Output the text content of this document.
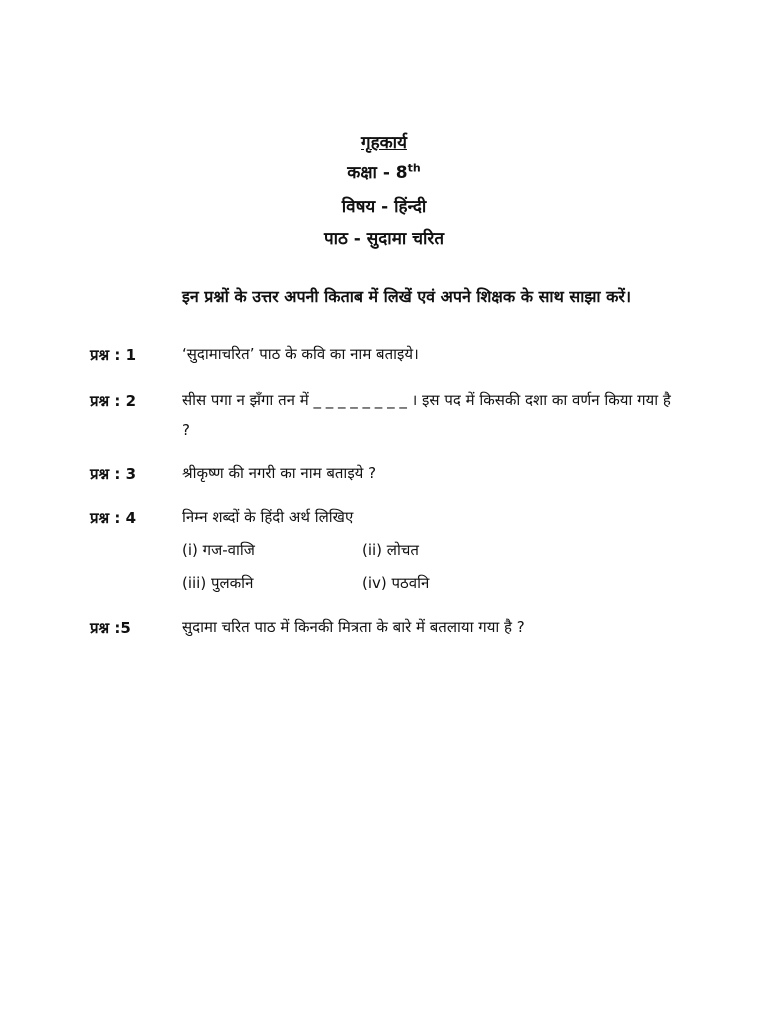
गृहकार्य
कक्षा - 8th
विषय - हिंन्दी
पाठ - सुदामा चरित
इन प्रश्नों के उत्तर अपनी किताब में लिखें एवं अपने शिक्षक के साथ साझा करें।
प्रश्न : 1	‘सुदामाचरित’ पाठ के कवि का नाम बताइये।
प्रश्न : 2	सीस पगा न झँगा तन में _ _ _ _ _ _ _ _ । इस पद में किसकी दशा का वर्णन किया गया है ?
प्रश्न : 3	श्रीकृष्ण की नगरी का नाम बताइये ?
प्रश्न : 4	निम्न शब्दों के हिंदी अर्थ लिखिए
(i) गज-वाजि	(ii) लोचत
(iii) पुलकनि	(iv) पठवनि
प्रश्न :5	सुदामा चरित पाठ में किनकी मित्रता के बारे में बतलाया गया है ?
